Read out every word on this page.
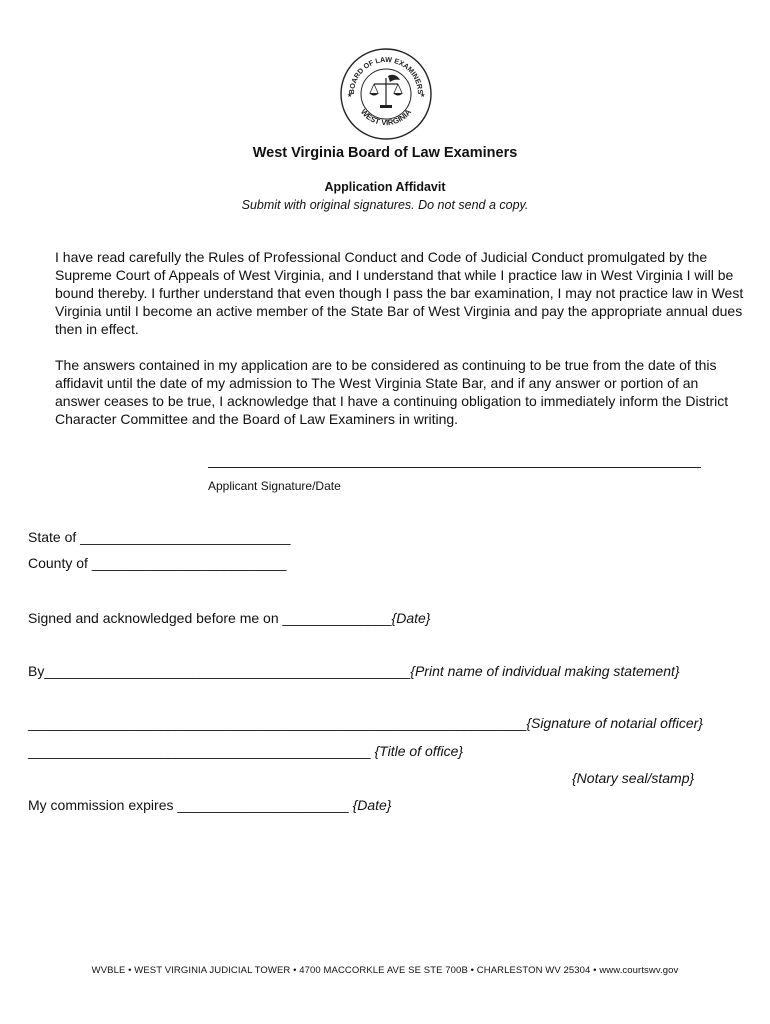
BOARD OF LAW EXAMINERS
WEST VIRGINIA
★	★
West Virginia Board of Law Examiners
Application Affidavit
Submit with original signatures. Do not send a copy.
I have read carefully the Rules of Professional Conduct and Code of Judicial Conduct promulgated by the Supreme Court of Appeals of West Virginia, and I understand that while I practice law in West Virginia I will be bound thereby. I further understand that even though I pass the bar examination, I may not practice law in West Virginia until I become an active member of the State Bar of West Virginia and pay the appropriate annual dues then in effect.
The answers contained in my application are to be considered as continuing to be true from the date of this affidavit until the date of my admission to The West Virginia State Bar, and if any answer or portion of an answer ceases to be true, I acknowledge that I have a continuing obligation to immediately inform the District Character Committee and the Board of Law Examiners in writing.
Applicant Signature/Date
State of ___________________________
County of _________________________
Signed and acknowledged before me on ______________{Date}
By_______________________________________________{Print name of individual making statement}
________________________________________________________________{Signature of notarial officer}
____________________________________________ {Title of office}
{Notary seal/stamp}
My commission expires ______________________ {Date}
WVBLE • WEST VIRGINIA JUDICIAL TOWER • 4700 MACCORKLE AVE SE STE 700B • CHARLESTON WV 25304 • www.courtswv.gov
